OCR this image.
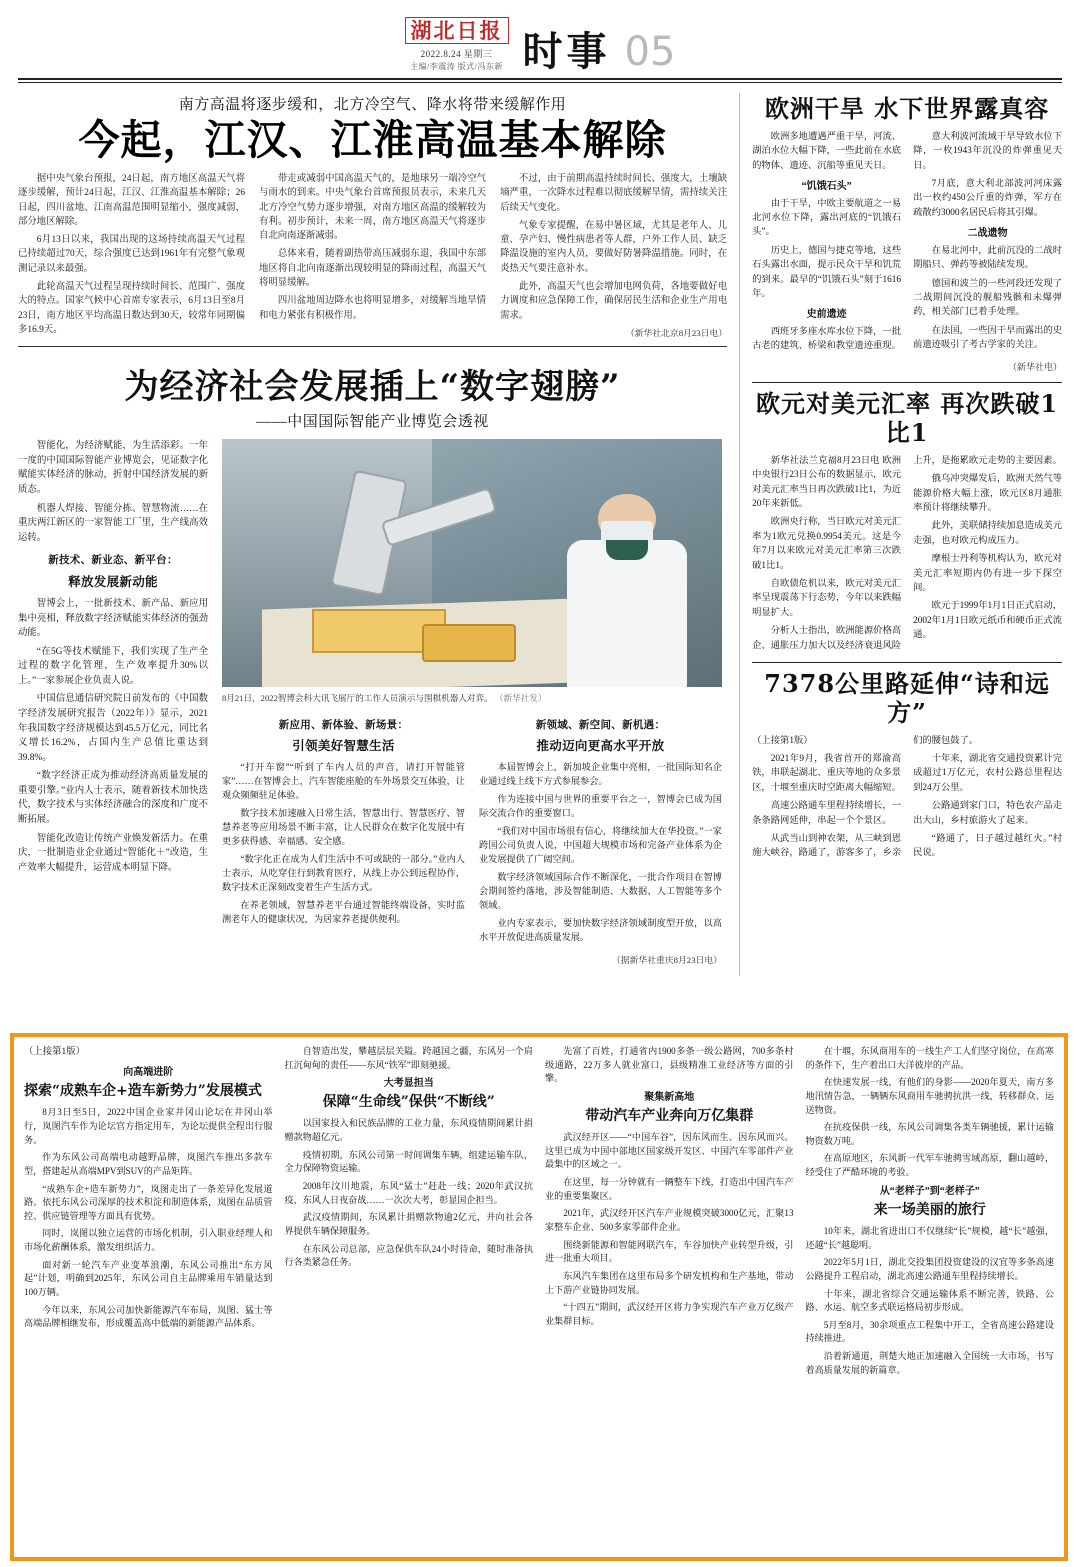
湖北日报
2022.8.24 星期三
主编/李震涛 版式/冯东新 时事 05
南方高温将逐步缓和，北方冷空气、降水将带来缓解作用
今起，江汉、江淮高温基本解除

据中央气象台预报，24日起，南方地区高温天气将逐步缓解，预计24日起，江汉、江淮高温基本解除；26日起，四川盆地、江南高温范围明显缩小，强度减弱，部分地区解除。

6月13日以来，我国出现的这场持续高温天气过程已持续超过70天，综合强度已达到1961年有完整气象观测记录以来最强。

此轮高温天气过程呈现持续时间长、范围广、强度大的特点。国家气候中心首席专家表示，6月13日至8月23日，南方地区平均高温日数达到30天，较常年同期偏多16.9天。

带走或减弱中国高温天气的，是地球另一端冷空气与雨水的到来。中央气象台首席预报员表示，未来几天北方冷空气势力逐步增强，对南方地区高温的缓解较为有利。初步预计，未来一周，南方地区高温天气将逐步自北向南逐渐减弱。

总体来看，随着副热带高压减弱东退，我国中东部地区将自北向南逐渐出现较明显的降雨过程，高温天气将明显缓解。

四川盆地周边降水也将明显增多，对缓解当地旱情和电力紧张有积极作用。

不过，由于前期高温持续时间长、强度大，土壤缺墒严重，一次降水过程难以彻底缓解旱情，需持续关注后续天气变化。

气象专家提醒，在易中暑区域，尤其是老年人、儿童、孕产妇、慢性病患者等人群，户外工作人员、缺乏降温设施的室内人员，要做好防暑降温措施。同时，在炎热天气要注意补水。

此外，高温天气也会增加电网负荷，各地要做好电力调度和应急保障工作，确保居民生活和企业生产用电需求。

（新华社北京8月23日电）

为经济社会发展插上“数字翅膀”
——中国国际智能产业博览会透视

智能化，为经济赋能，为生活添彩。一年一度的中国国际智能产业博览会，见证数字化赋能实体经济的脉动，折射中国经济发展的新质态。

机器人焊接、智能分拣、智慧物流……在重庆两江新区的一家智能工厂里，生产线高效运转。

新技术、新业态、新平台：
释放发展新动能

智博会上，一批新技术、新产品、新应用集中亮相，释放数字经济赋能实体经济的强劲动能。

“在5G等技术赋能下，我们实现了生产全过程的数字化管理，生产效率提升30%以上。”一家参展企业负责人说。

中国信息通信研究院日前发布的《中国数字经济发展研究报告（2022年）》显示，2021年我国数字经济规模达到45.5万亿元，同比名义增长16.2%，占国内生产总值比重达到39.8%。

“数字经济正成为推动经济高质量发展的重要引擎。”业内人士表示，随着新技术加快迭代，数字技术与实体经济融合的深度和广度不断拓展。

智能化改造让传统产业焕发新活力。在重庆，一批制造业企业通过“智能化＋”改造，生产效率大幅提升，运营成本明显下降。

8月21日，2022智博会科大讯飞展厅的工作人员演示与围棋机器人对弈。 （新华社发）
新应用、新体验、新场景：
引领美好智慧生活

“打开车窗”“听到了车内人员的声音，请打开智能管家”……在智博会上，汽车智能座舱的车外场景交互体验，让观众频频驻足体验。

数字技术加速融入日常生活，智慧出行、智慧医疗、智慧养老等应用场景不断丰富，让人民群众在数字化发展中有更多获得感、幸福感、安全感。

“数字化正在成为人们生活中不可或缺的一部分。”业内人士表示，从吃穿住行到教育医疗，从线上办公到远程协作，数字技术正深刻改变着生产生活方式。

在养老领域，智慧养老平台通过智能终端设备，实时监测老年人的健康状况，为居家养老提供便利。

新领域、新空间、新机遇：
推动迈向更高水平开放

本届智博会上，新加坡企业集中亮相，一批国际知名企业通过线上线下方式参展参会。

作为连接中国与世界的重要平台之一，智博会已成为国际交流合作的重要窗口。

“我们对中国市场很有信心，将继续加大在华投资。”一家跨国公司负责人说，中国超大规模市场和完备产业体系为企业发展提供了广阔空间。

数字经济领域国际合作不断深化，一批合作项目在智博会期间签约落地，涉及智能制造、大数据、人工智能等多个领域。

业内专家表示，要加快数字经济领域制度型开放，以高水平开放促进高质量发展。

（据新华社重庆8月23日电）

欧洲干旱 水下世界露真容

欧洲多地遭遇严重干旱，河流、湖泊水位大幅下降，一些此前在水底的物体、遗迹、沉船等重见天日。

“饥饿石头”

由于干旱，中欧主要航道之一易北河水位下降，露出河底的“饥饿石头”。

历史上，德国与捷克等地，这些石头露出水面，提示民众干旱和饥荒的到来。最早的“饥饿石头”刻于1616年。

史前遗迹

西班牙多座水库水位下降，一批古老的建筑、桥梁和教堂遗迹重现。

意大利波河流域干旱导致水位下降，一枚1943年沉没的炸弹重见天日。

7月底，意大利北部波河河床露出一枚约450公斤重的炸弹，军方在疏散约3000名居民后将其引爆。

二战遗物

在易北河中，此前沉没的二战时期船只、弹药等被陆续发现。

德国和波兰的一些河段还发现了二战期间沉没的舰船残骸和未爆弹药，相关部门已着手处理。

在法国，一些因干旱而露出的史前遗迹吸引了考古学家的关注。

（新华社电）
欧元对美元汇率 再次跌破1比1

新华社法兰克福8月23日电 欧洲中央银行23日公布的数据显示，欧元对美元汇率当日再次跌破1比1，为近20年来新低。

欧洲央行称，当日欧元对美元汇率为1欧元兑换0.9954美元。这是今年7月以来欧元对美元汇率第三次跌破1比1。

自欧债危机以来，欧元对美元汇率呈现震荡下行态势，今年以来跌幅明显扩大。

分析人士指出，欧洲能源价格高企、通胀压力加大以及经济衰退风险上升，是拖累欧元走势的主要因素。

俄乌冲突爆发后，欧洲天然气等能源价格大幅上涨，欧元区8月通胀率预计将继续攀升。

此外，美联储持续加息造成美元走强，也对欧元构成压力。

摩根士丹利等机构认为，欧元对美元汇率短期内仍有进一步下探空间。

欧元于1999年1月1日正式启动，2002年1月1日欧元纸币和硬币正式流通。

7378公里路延伸“诗和远方”

（上接第1版）

2021年9月，我省首开的郑渝高铁，串联起湖北、重庆等地的众多景区，十堰至重庆时空距离大幅缩短。

高速公路通车里程持续增长，一条条路网延伸，串起一个个景区。

从武当山到神农架，从三峡到恩施大峡谷，路通了，游客多了，乡亲们的腰包鼓了。

十年来，湖北省交通投资累计完成超过1万亿元，农村公路总里程达到24万公里。

公路通到家门口，特色农产品走出大山，乡村旅游火了起来。

“路通了，日子越过越红火。”村民说。

（上接第1版）
向高端进阶
探索“成熟车企+造车新势力”发展模式

8月3日至5日，2022中国企业家井冈山论坛在井冈山举行，岚图汽车作为论坛官方指定用车，为论坛提供全程出行服务。

作为东风公司高端电动越野品牌，岚图汽车推出多款车型，搭建起从高端MPV到SUV的产品矩阵。

“成熟车企+造车新势力”，岚图走出了一条差异化发展道路。依托东风公司深厚的技术积淀和制造体系，岚图在品质管控、供应链管理等方面具有优势。

同时，岚图以独立运营的市场化机制，引入职业经理人和市场化薪酬体系，激发组织活力。

面对新一轮汽车产业变革浪潮，东风公司推出“东方风起”计划，明确到2025年，东风公司自主品牌乘用车销量达到100万辆。

今年以来，东风公司加快新能源汽车布局，岚图、猛士等高端品牌相继发布，形成覆盖高中低端的新能源产品体系。

自智造出发，攀越层层关隘。跨越国之疆，东风另一个肩扛沉甸甸的责任——东风“铁军”即刻驰援。

大考显担当
保障“生命线”保供“不断线”

以国家投入和民族品牌的工业力量，东风疫情期间累计捐赠款物超亿元。

疫情初期，东风公司第一时间调集车辆，组建运输车队，全力保障物资运输。

2008年汶川地震，东风“猛士”赶赴一线；2020年武汉抗疫，东风人日夜奋战……一次次大考，彰显国企担当。

武汉疫情期间，东风累计捐赠款物逾2亿元，并向社会各界提供车辆保障服务。

在东风公司总部，应急保供车队24小时待命，随时准备执行各类紧急任务。

先富了百姓，打通省内1900多条一级公路网，700多条村级通路，22万多人就业富口，县级精准工业经济等方面的引擎。

聚集新高地
带动汽车产业奔向万亿集群

武汉经开区——“中国车谷”，因东风而生、因东风而兴。这里已成为中国中部地区国家级开发区、中国汽车零部件产业最集中的区域之一。

在这里，每一分钟就有一辆整车下线，打造出中国汽车产业的重要集聚区。

2021年，武汉经开区汽车产业规模突破3000亿元，汇聚13家整车企业、500多家零部件企业。

围绕新能源和智能网联汽车，车谷加快产业转型升级，引进一批重大项目。

东风汽车集团在这里布局多个研发机构和生产基地，带动上下游产业链协同发展。

“十四五”期间，武汉经开区将力争实现汽车产业万亿级产业集群目标。

在十堰，东风商用车的一线生产工人们坚守岗位，在高寒的条件下，生产着出口大洋彼岸的产品。

在快速发展一线，有他们的身影——2020年夏天，南方多地汛情告急，一辆辆东风商用车驰骋抗洪一线，转移群众、运送物资。

在抗疫保供一线，东风公司调集各类车辆驰援，累计运输物资数万吨。

在高原地区，东风新一代军车驰骋雪域高原，翻山越岭，经受住了严酷环境的考验。

从“老样子”到“老样子”
来一场美丽的旅行

10年来，湖北省进出口不仅继续“长”规模，越“长”越强，还越“长”越聪明。

2022年5月1日，湖北交投集团投资建设的汉宜等多条高速公路提升工程启动，湖北高速公路通车里程持续增长。

十年来，湖北省综合交通运输体系不断完善，铁路、公路、水运、航空多式联运格局初步形成。

5月至8月，30余项重点工程集中开工，全省高速公路建设持续推进。

沿着新通道，荆楚大地正加速融入全国统一大市场，书写着高质量发展的新篇章。
